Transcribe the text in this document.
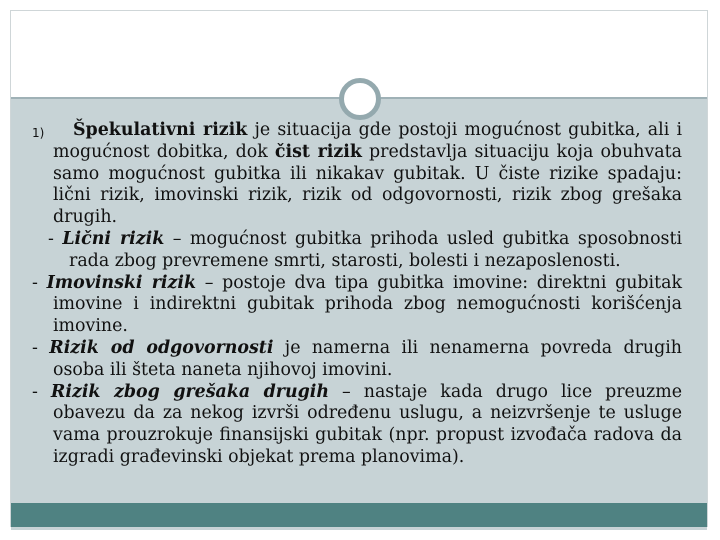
1) Špekulativni rizik je situacija gde postoji mogućnost gubitka, ali i mogućnost dobitka, dok čist rizik predstavlja situaciju koja obuhvata samo mogućnost gubitka ili nikakav gubitak. U čiste rizike spadaju: lični rizik, imovinski rizik, rizik od odgovornosti, rizik zbog grešaka drugih.

- Lični rizik – mogućnost gubitka prihoda usled gubitka sposobnosti rada zbog prevremene smrti, starosti, bolesti i nezaposlenosti.

- Imovinski rizik – postoje dva tipa gubitka imovine: direktni gubitak imovine i indirektni gubitak prihoda zbog nemogućnosti korišćenja imovine.

- Rizik od odgovornosti je namerna ili nenamerna povreda drugih osoba ili šteta naneta njihovoj imovini.

- Rizik zbog grešaka drugih – nastaje kada drugo lice preuzme obavezu da za nekog izvrši određenu uslugu, a neizvršenje te usluge vama prouzrokuje finansijski gubitak (npr. propust izvođača radova da izgradi građevinski objekat prema planovima).
